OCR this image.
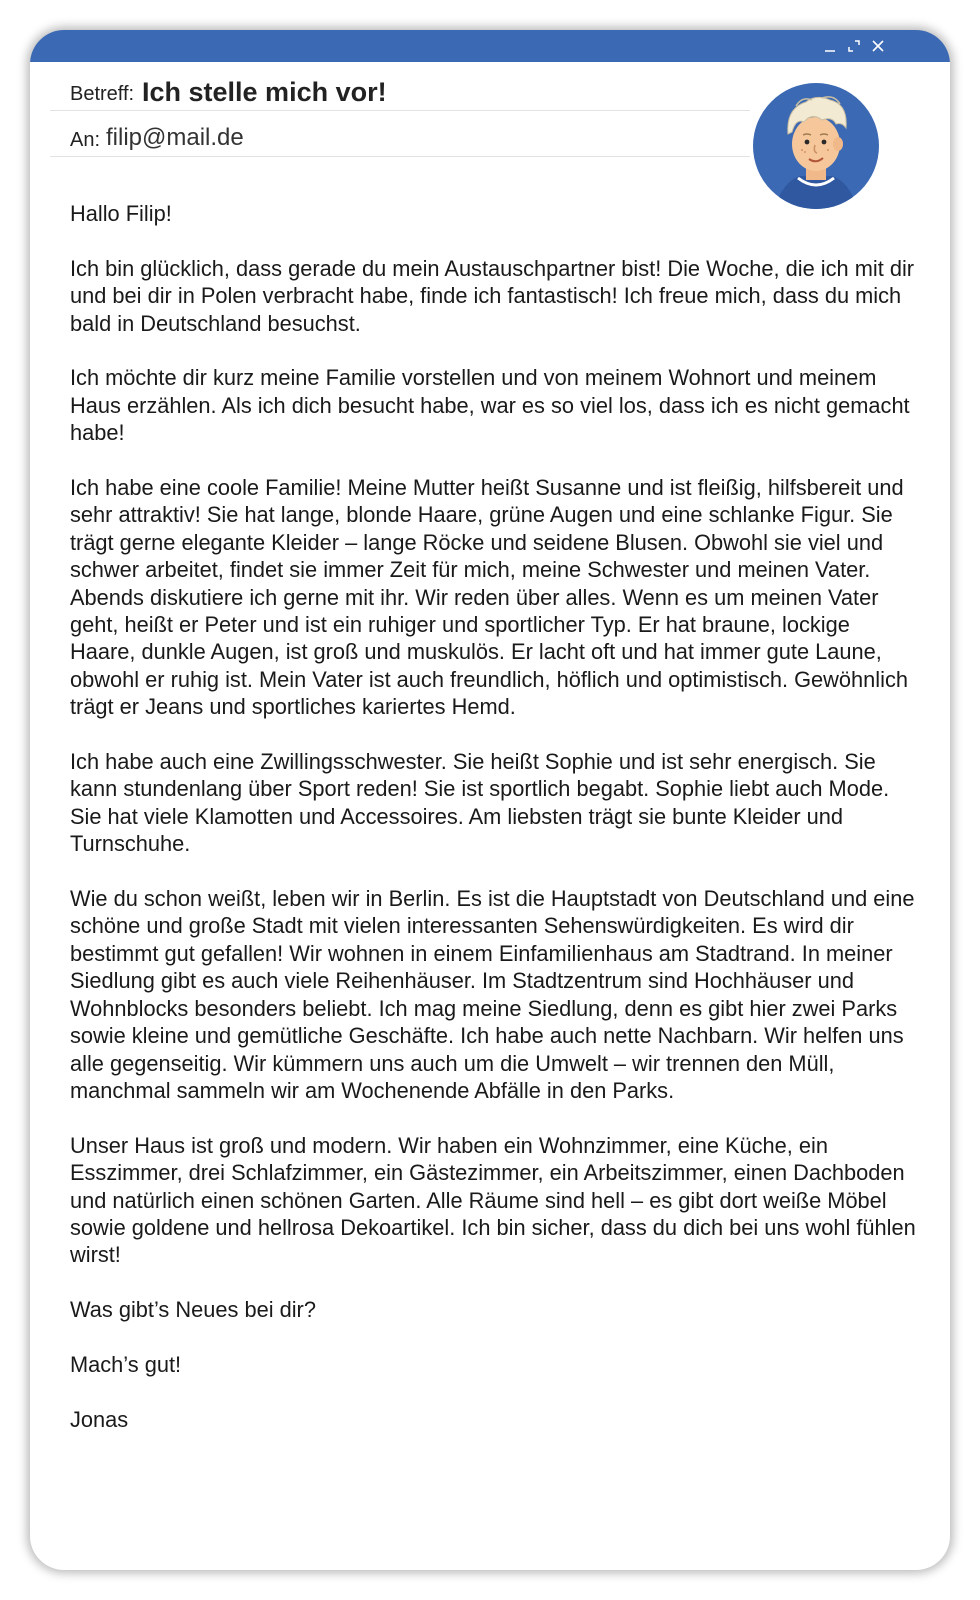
Betreff: Ich stelle mich vor!
An: filip@mail.de

Hallo Filip!

Ich bin glücklich, dass gerade du mein Austauschpartner bist! Die Woche, die ich mit dir und bei dir in Polen verbracht habe, finde ich fantastisch! Ich freue mich, dass du mich bald in Deutschland besuchst.

Ich möchte dir kurz meine Familie vorstellen und von meinem Wohnort und meinem Haus erzählen. Als ich dich besucht habe, war es so viel los, dass ich es nicht gemacht habe!

Ich habe eine coole Familie! Meine Mutter heißt Susanne und ist fleißig, hilfsbereit und sehr attraktiv! Sie hat lange, blonde Haare, grüne Augen und eine schlanke Figur. Sie trägt gerne elegante Kleider – lange Röcke und seidene Blusen. Obwohl sie viel und schwer arbeitet, findet sie immer Zeit für mich, meine Schwester und meinen Vater. Abends diskutiere ich gerne mit ihr. Wir reden über alles. Wenn es um meinen Vater geht, heißt er Peter und ist ein ruhiger und sportlicher Typ. Er hat braune, lockige Haare, dunkle Augen, ist groß und muskulös. Er lacht oft und hat immer gute Laune, obwohl er ruhig ist. Mein Vater ist auch freundlich, höflich und optimistisch. Gewöhnlich trägt er Jeans und sportliches kariertes Hemd.

Ich habe auch eine Zwillingsschwester. Sie heißt Sophie und ist sehr energisch. Sie kann stundenlang über Sport reden! Sie ist sportlich begabt. Sophie liebt auch Mode. Sie hat viele Klamotten und Accessoires. Am liebsten trägt sie bunte Kleider und Turnschuhe.

Wie du schon weißt, leben wir in Berlin. Es ist die Hauptstadt von Deutschland und eine schöne und große Stadt mit vielen interessanten Sehenswürdigkeiten. Es wird dir bestimmt gut gefallen! Wir wohnen in einem Einfamilienhaus am Stadtrand. In meiner Siedlung gibt es auch viele Reihenhäuser. Im Stadtzentrum sind Hochhäuser und Wohnblocks besonders beliebt. Ich mag meine Siedlung, denn es gibt hier zwei Parks sowie kleine und gemütliche Geschäfte. Ich habe auch nette Nachbarn. Wir helfen uns alle gegenseitig. Wir kümmern uns auch um die Umwelt – wir trennen den Müll, manchmal sammeln wir am Wochenende Abfälle in den Parks.

Unser Haus ist groß und modern. Wir haben ein Wohnzimmer, eine Küche, ein Esszimmer, drei Schlafzimmer, ein Gästezimmer, ein Arbeitszimmer, einen Dachboden und natürlich einen schönen Garten. Alle Räume sind hell – es gibt dort weiße Möbel sowie goldene und hellrosa Dekoartikel. Ich bin sicher, dass du dich bei uns wohl fühlen wirst!

Was gibt’s Neues bei dir?

Mach’s gut!

Jonas
